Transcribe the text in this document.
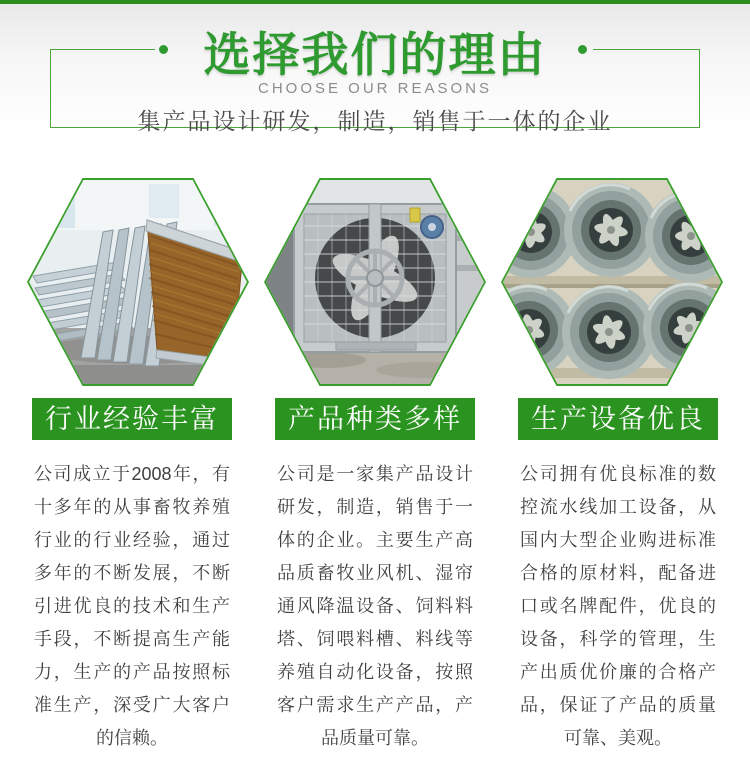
选择我们的理由
CHOOSE OUR REASONS
集产品设计研发，制造，销售于一体的企业
行业经验丰富	产品种类多样	生产设备优良

公司成立于2008年，有十多年的从事畜牧养殖行业的行业经验，通过多年的不断发展，不断引进优良的技术和生产手段，不断提高生产能力，生产的产品按照标准生产，深受广大客户的信赖。

公司是一家集产品设计研发，制造，销售于一体的企业。主要生产高品质畜牧业风机、湿帘通风降温设备、饲料料塔、饲喂料槽、料线等养殖自动化设备，按照客户需求生产产品，产品质量可靠。

公司拥有优良标准的数控流水线加工设备，从国内大型企业购进标准合格的原材料，配备进口或名牌配件，优良的设备，科学的管理，生产出质优价廉的合格产品，保证了产品的质量可靠、美观。
